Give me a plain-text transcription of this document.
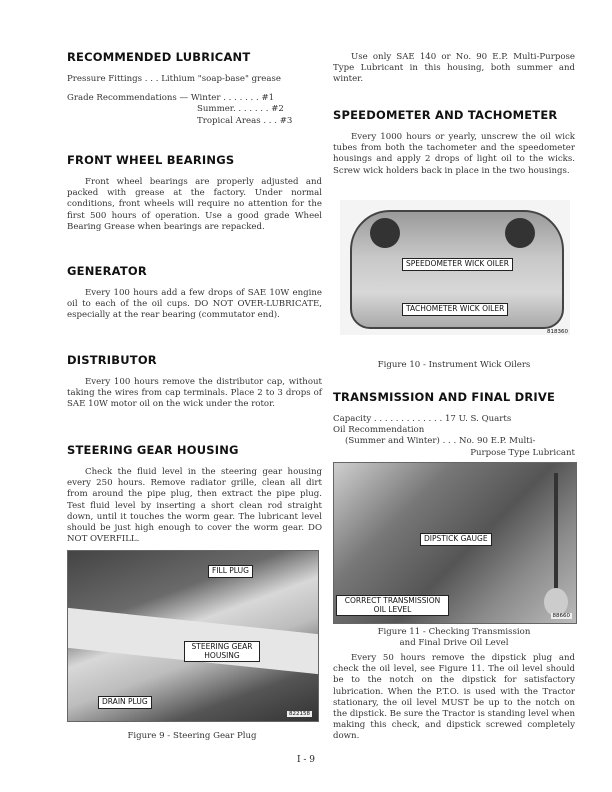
RECOMMENDED LUBRICANT
Pressure Fittings . . . Lithium "soap-base" grease
Grade Recommendations — Winter . . . . . . . #1
Summer. . . . . . . #2
Tropical Areas . . . #3
FRONT WHEEL BEARINGS

Front wheel bearings are properly adjusted and packed with grease at the factory. Under normal conditions, front wheels will require no attention for the first 500 hours of operation. Use a good grade Wheel Bearing Grease when bearings are repacked.

GENERATOR

Every 100 hours add a few drops of SAE 10W engine oil to each of the oil cups. DO NOT OVER-LUBRICATE, especially at the rear bearing (commutator end).

DISTRIBUTOR

Every 100 hours remove the distributor cap, without taking the wires from cap terminals. Place 2 to 3 drops of SAE 10W motor oil on the wick under the rotor.

STEERING GEAR HOUSING

Check the fluid level in the steering gear housing every 250 hours. Remove radiator grille, clean all dirt from around the pipe plug, then extract the pipe plug. Test fluid level by inserting a short clean rod straight down, until it touches the worm gear. The lubricant level should be just high enough to cover the worm gear. DO NOT OVERFILL.

FILL PLUG
STEERING GEAR HOUSING
DRAIN PLUG
822158
Figure 9 - Steering Gear Plug

Use only SAE 140 or No. 90 E.P. Multi-Purpose Type Lubricant in this housing, both summer and winter.

SPEEDOMETER AND TACHOMETER

Every 1000 hours or yearly, unscrew the oil wick tubes from both the tachometer and the speedometer housings and apply 2 drops of light oil to the wicks. Screw wick holders back in place in the two housings.

SPEEDOMETER WICK OILER
TACHOMETER WICK OILER
818360
Figure 10 - Instrument Wick Oilers
TRANSMISSION AND FINAL DRIVE
Capacity . . . . . . . . . . . . . 17 U. S. Quarts
Oil Recommendation
(Summer and Winter) . . . No. 90 E.P. Multi-
Purpose Type Lubricant
DIPSTICK GAUGE
CORRECT TRANSMISSION OIL LEVEL
88660
Figure 11 - Checking Transmission
and Final Drive Oil Level

Every 50 hours remove the dipstick plug and check the oil level, see Figure 11. The oil level should be to the notch on the dipstick for satisfactory lubrication. When the P.T.O. is used with the Tractor stationary, the oil level MUST be up to the notch on the dipstick. Be sure the Tractor is standing level when making this check, and dipstick screwed completely down.

I - 9
